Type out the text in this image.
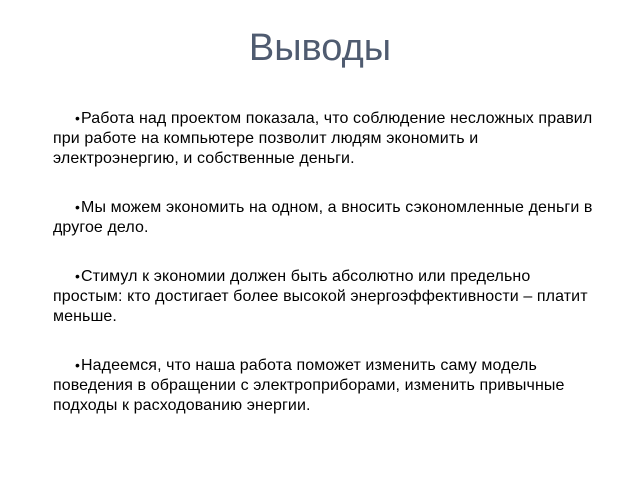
Выводы
•Работа над проектом показала, что соблюдение несложных правил при работе на компьютере позволит людям экономить и электроэнергию, и собственные деньги.
•Мы можем экономить на одном, а вносить сэкономленные деньги в другое дело.
•Стимул к экономии должен быть абсолютно или предельно простым: кто достигает более высокой энергоэффективности – платит меньше.
•Надеемся, что наша работа поможет изменить саму модель поведения в обращении с электроприборами, изменить привычные подходы к расходованию энергии.
